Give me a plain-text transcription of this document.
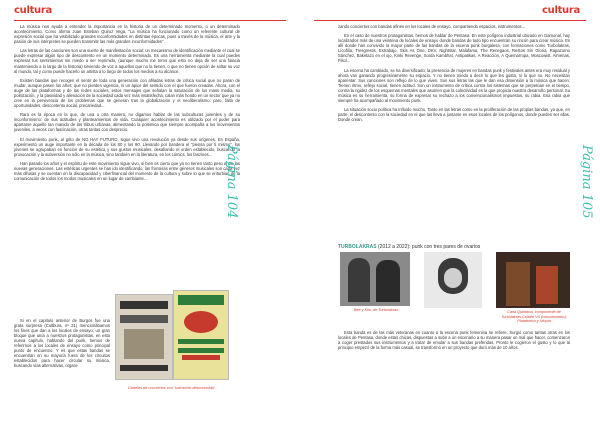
cultura

La música nos ayuda a entender la importancia en la historia de un determinado momento, o un determinado acontecimiento. Como afirma Juan Esteban Quiroz Vega, "La música ha funcionado como un referente cultural de expresión social que ha visibilizado grandes inconformidades en distintas épocas, pues a través de la música, el arte y la pasión de sus intérpretes se pueden transmitir las más grandes inconformidades".

Las letras de las canciones son una suerte de manifestación social; un mecanismo de identificación mediante el cual se puede expresar algún tipo de descontento en un momento determinado. Es una herramienta mediante la cual puedes expresar tus sentimientos sin miedo a ser reprimido, (aunque mucho me temo que esto no deja de ser una falacia manteniendo a lo largo de la historia) sirviendo de voz a aquellos que no la tienen, o que no tienen opción de soltar su voz al mundo, tal y como puede hacerlo un artista a lo largo de todos los medios a su alcance.

Existen bandas que recogen el sentir de toda una generación con afiladas letras de crítica social que no paran de mudar, aunque pasen los años; que no pierden vigencia, ni un ápice del sentido con el que fueron creadas. Ahora, con el auge de las plataformas y de las redes sociales, estos mensajes que señalan la saturación de los mass media, su politización, y la pasividad y alienación de la sociedad cada vez más insatisfecha, calan más hondo en un sector que ya no cree en la pervivencia de los problemas que se generan tras la globalización y el neoliberalismo: paro, falta de oportunidades, descontento social, precariedad...

Rara es la época en la que, de una u otra manera, no digamos hablar de las subculturas juveniles y de su inconformismo: de sus actitudes y planteamientos de vida. Cualquier acontecimiento es utilizado por el poder para apartarse aquello tan manido de las tribus urbanas, alimentando la polémica que siempre acompaña a los movimientos juveniles, a veces con fascinación, otras tantas con desprecio.

El movimiento punk, al grito de NO HAY FUTURO, sigue vivo una revolución ya desde sus orígenes. En España, experimentó un auge importante en la década de los 80 y los 90. Llevando por bandera el "piensa por ti mismo", los jóvenes se agrupaban en función de su estética y sus gustos musicales, desafiando el orden establecido, buscando la provocación y la subversión no sólo en la música, sino también en la literatura, en los cómics, los fanzines...

Han pasado los años y el espíritu de este movimiento sigue vivo, si bien es cierto que ya no tienen tanto peso entre las nuevas generaciones. Las estéticas urgentes se han ido identificando, las fronteras entre géneros musicales son cada vez más difusas y se cuentan en la discapacidad y ciberfinancial del momento de la cultura y sobre lo que se enturbian de la comunicación de todos los modos musicales en un lugar de cambiante...

Si en el capítulo anterior de Burgos fue una grata sorpresa (Cultbura, nº 21) mencionábamos los fines que dan a los locales de ensayo, un gran bloque que unía a nuestros protagonistas, en esta nueva capítulo, hablando del punk, hemos de referirnos a los locales de ensayo como principal punto de encuentro. Y es que estas bandas se encuentran en su mayoría fuera de los circuitos establecidos para hacer circular su música, buscando vías alternativas, organi-

Carteles de conciertos con "ubicación desconocida".
Página 104
cultura

zando conciertos con bandas afines en los locales de ensayo, compartiendo espacios, instrumentos...

En el caso de nuestros protagonistas, hemos de hablar de Pentasa. En este polígono industrial ubicado en Gamonal, hay localizados más de una veintena de locales de ensayo donde bandas de todo tipo encuentran su rincón para crear música. Es allí donde han convivido la mayor parte de las bandas de la escena punk burgalesa, con formaciones como Turbolakras, Lícofilia, Tresgrestis, Estrabajo, Skis As One, DKV, Nightstar, Malafama, The Renegaos, Restos Sin Gloria, Rapazorno Sánchez, Baketazo en el ojo, Kinki Revenge, Sorda Kambhat, Antipatikas, A Reacción, A Quemarropa, Moscowist, Almenas, Fikol...

La escena ha cambiado, se ha diversificado; la presencia de mujeres en bandas punk y festivales antes era muy residual y ahora van ganando progresivamente su espacio. Y no tienen miedo a decir lo que les gusta, ni lo que no. No necesitan aparentar. Sus canciones son reflejo de lo que viven. Son sus letras las que le dan esa dimensión a la música que hacen: Tienen ritmo, reflejo social, tienen actitud. Son un instrumento de crítica contra los sistemas que se perpetúan en el tiempo, contra la rigidez de los esquemas mentales que asumen que la colectividad es la que propicia nuestra desarrollo personal. Su música es su herramienta, su forma de expresar su rechazo a los convencionalismos impuestos, su rabia. Esa rabia que siempre ha acompañado al movimiento punk.

La situación socio política ha influido mucho. Tanto en las letras como en la proliferación de las propias bandas, ya que, en parte, el descontento con la sociedad en el que las lleva a juntarse en esos locales de los polígonos, donde pueden ser ellas. Donde crean.

TURBOLAKRAS (2012 a 2022): punk con tres pares de ovarios
Bee y Kini, de Turbolakras	Carla Quintana, componente de Turbolakras,Colbée VII (conocimiento), Plataforma y Utopía

Esta banda es de las más veteranas en cuanto a la escena punk femenina se refiere. Surgió como tantas otras en los locales de Pentasa, donde estas chicas, dispuestas a subir a un escenario a su manera pasar un mal que hacer, comenzaron a coger prestados sus instrumentos y a tratar de emular a sus bandas preferidas. Pronto le cogieron el gusto y lo que al principio empezó de la forma más casual, se transformó en un proyecto que duró más de 10 años.

Página 105
